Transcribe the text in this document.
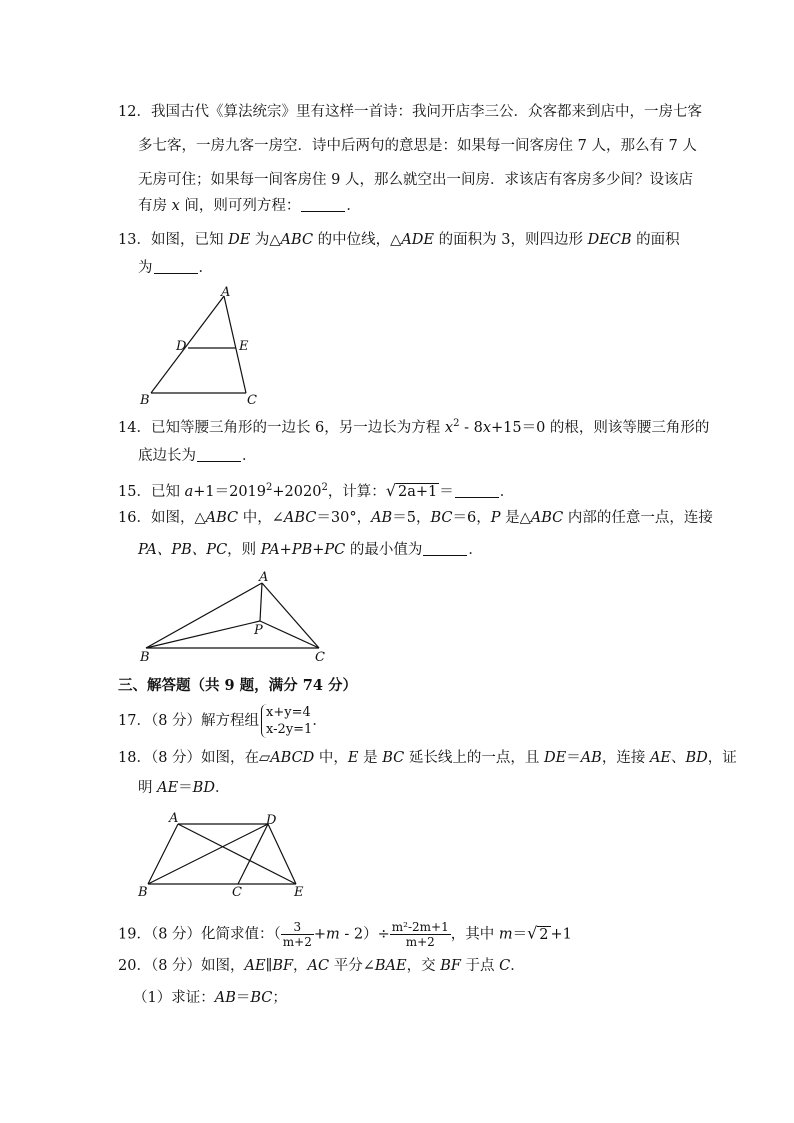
12．我国古代《算法统宗》里有这样一首诗：我问开店李三公．众客都来到店中，一房七客
多七客，一房九客一房空．诗中后两句的意思是：如果每一间客房住 7 人，那么有 7 人
无房可住；如果每一间客房住 9 人，那么就空出一间房．求该店有客房多少间？设该店
有房 x 间，则可列方程：	．
13．如图，已知 DE 为△ABC 的中位线，△ADE 的面积为 3，则四边形 DECB 的面积
为	．
A
D	E
B	C
14．已知等腰三角形的一边长 6，另一边长为方程 $x^2 - 8x+15=0$ 的根，则该等腰三角形的
底边长为	．
15．已知 $a+1=2019^2+2020^2$，计算：√ 2a+1 ＝	．
16．如图，△ABC 中，∠ABC＝30°，AB＝5，BC＝6，P 是△ABC 内部的任意一点，连接
PA、PB、PC，则 PA+PB+PC 的最小值为	．
A
P
B	C
三、解答题（共 9 题，满分 74 分）
17．（8 分）解方程组
x+y=4
x-2y=1
．
18．（8 分）如图，在▱ABCD 中，E 是 BC 延长线上的一点，且 DE＝AB，连接 AE、BD，证
明 AE＝BD．
A	D
B	C	E
19．（8 分）化简求值：（ $\frac{3}{m+2} +m - 2)\div \frac{\text{m²-2m+1}}{m+2}$ ，其中 m＝√ 2 +1
20．（8 分）如图，AE∥BF，AC 平分∠BAE，交 BF 于点 C．
（1）求证：AB＝BC；
